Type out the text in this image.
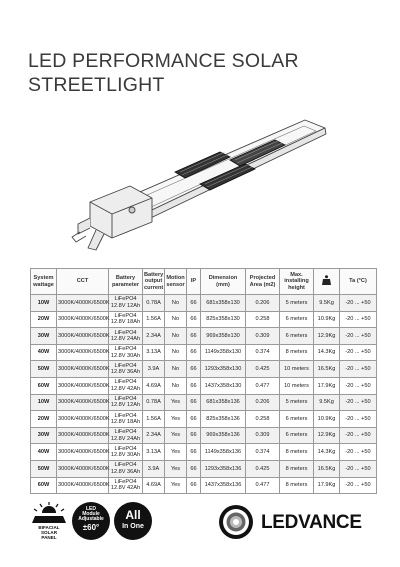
LED PERFORMANCE SOLAR
STREETLIGHT
System wattage	CCT	Battery parameter	Battery output current	Motion sensor	IP	Dimension (mm)	Projected Area (m2)	Max. installing height		Ta (°C)
10W	3000K/4000K/6500K	LiFePO4 12.8V 12Ah	0.78A	No	66	681x358x130	0.206	5 meters	9.5Kg	-20 ... +50
20W	3000K/4000K/6500K	LiFePO4 12.8V 18Ah	1.56A	No	66	825x358x130	0.258	6 meters	10.9Kg	-20 ... +50
30W	3000K/4000K/6500K	LiFePO4 12.8V 24Ah	2.34A	No	66	969x358x130	0.309	6 meters	12.9Kg	-20 ... +50
40W	3000K/4000K/6500K	LiFePO4 12.8V 30Ah	3.13A	No	66	1149x358x130	0.374	8 meters	14.3Kg	-20 ... +50
50W	3000K/4000K/6500K	LiFePO4 12.8V 36Ah	3.9A	No	66	1293x358x130	0.425	10 meters	16.5Kg	-20 ... +50
60W	3000K/4000K/6500K	LiFePO4 12.8V 42Ah	4.69A	No	66	1437x358x130	0.477	10 meters	17.9Kg	-20 ... +50
10W	3000K/4000K/6500K	LiFePO4 12.8V 12Ah	0.78A	Yes	66	681x358x136	0.206	5 meters	9.5Kg	-20 ... +50
20W	3000K/4000K/6500K	LiFePO4 12.8V 18Ah	1.56A	Yes	66	825x358x136	0.258	6 meters	10.9Kg	-20 ... +50
30W	3000K/4000K/6500K	LiFePO4 12.8V 24Ah	2.34A	Yes	66	969x358x136	0.309	6 meters	12.9Kg	-20 ... +50
40W	3000K/4000K/6500K	LiFePO4 12.8V 30Ah	3.13A	Yes	66	1149x358x136	0.374	8 meters	14.3Kg	-20 ... +50
50W	3000K/4000K/6500K	LiFePO4 12.8V 36Ah	3.9A	Yes	66	1293x358x136	0.425	8 meters	16.5Kg	-20 ... +50
60W	3000K/4000K/6500K	LiFePO4 12.8V 42Ah	4.69A	Yes	66	1437x358x136	0.477	8 meters	17.9Kg	-20 ... +50
BIFACIAL SOLAR PANEL
LED
Module
Adjustable
±60°
All
In One	LEDVANCE
